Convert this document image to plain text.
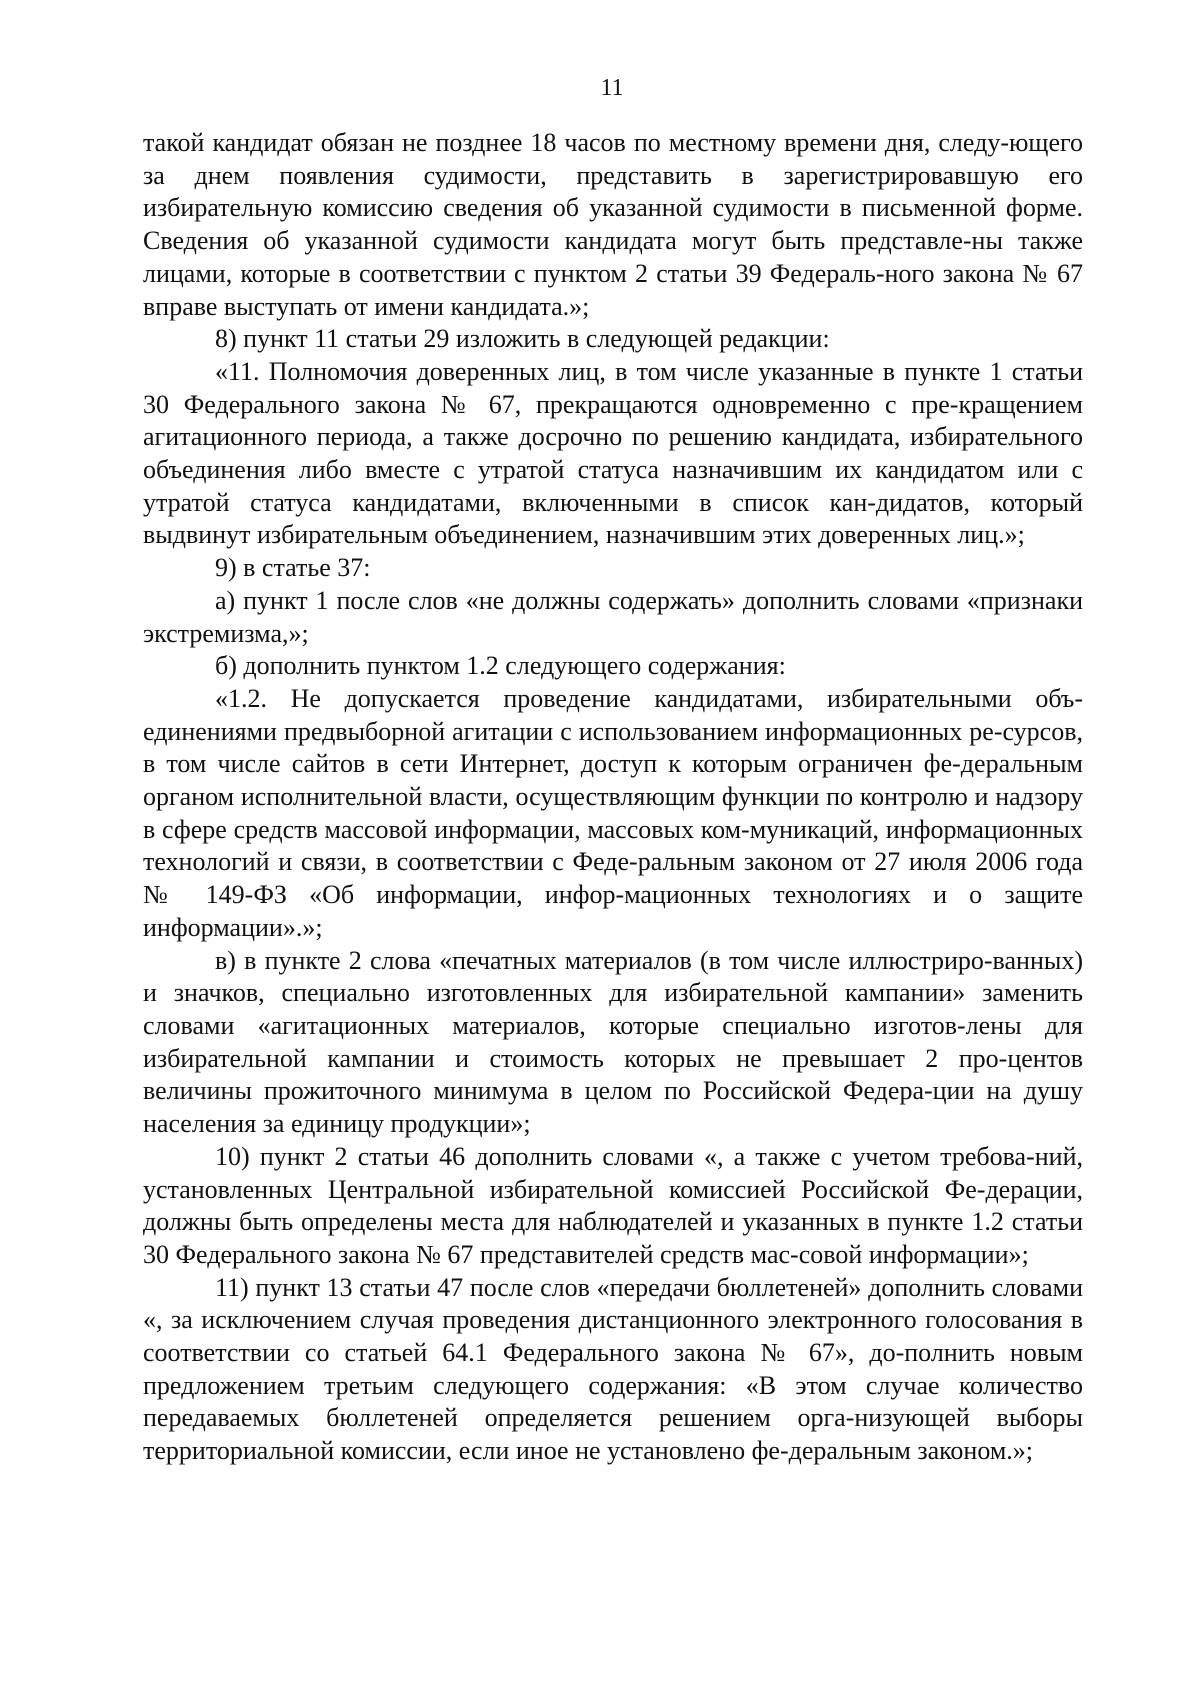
11

такой кандидат обязан не позднее 18 часов по местному времени дня, следу-ющего за днем появления судимости, представить в зарегистрировавшую его избирательную комиссию сведения об указанной судимости в письменной форме. Сведения об указанной судимости кандидата могут быть представле-ны также лицами, которые в соответствии с пунктом 2 статьи 39 Федераль-ного закона № 67 вправе выступать от имени кандидата.»;

8) пункт 11 статьи 29 изложить в следующей редакции:

«11. Полномочия доверенных лиц, в том числе указанные в пункте 1 статьи 30 Федерального закона № 67, прекращаются одновременно с пре-кращением агитационного периода, а также досрочно по решению кандидата, избирательного объединения либо вместе с утратой статуса назначившим их кандидатом или с утратой статуса кандидатами, включенными в список кан-дидатов, который выдвинут избирательным объединением, назначившим этих доверенных лиц.»;

9) в статье 37:

а) пункт 1 после слов «не должны содержать» дополнить словами «признаки экстремизма,»;

б) дополнить пунктом 1.2 следующего содержания:

«1.2. Не допускается проведение кандидатами, избирательными объ-единениями предвыборной агитации с использованием информационных ре-сурсов, в том числе сайтов в сети Интернет, доступ к которым ограничен фе-деральным органом исполнительной власти, осуществляющим функции по контролю и надзору в сфере средств массовой информации, массовых ком-муникаций, информационных технологий и связи, в соответствии с Феде-ральным законом от 27 июля 2006 года № 149-ФЗ «Об информации, инфор-мационных технологиях и о защите информации».»;

в) в пункте 2 слова «печатных материалов (в том числе иллюстриро-ванных) и значков, специально изготовленных для избирательной кампании» заменить словами «агитационных материалов, которые специально изготов-лены для избирательной кампании и стоимость которых не превышает 2 про-центов величины прожиточного минимума в целом по Российской Федера-ции на душу населения за единицу продукции»;

10) пункт 2 статьи 46 дополнить словами «, а также с учетом требова-ний, установленных Центральной избирательной комиссией Российской Фе-дерации, должны быть определены места для наблюдателей и указанных в пункте 1.2 статьи 30 Федерального закона № 67 представителей средств мас-совой информации»;

11) пункт 13 статьи 47 после слов «передачи бюллетеней» дополнить словами «, за исключением случая проведения дистанционного электронного голосования в соответствии со статьей 64.1 Федерального закона № 67», до-полнить новым предложением третьим следующего содержания: «В этом случае количество передаваемых бюллетеней определяется решением орга-низующей выборы территориальной комиссии, если иное не установлено фе-деральным законом.»;
